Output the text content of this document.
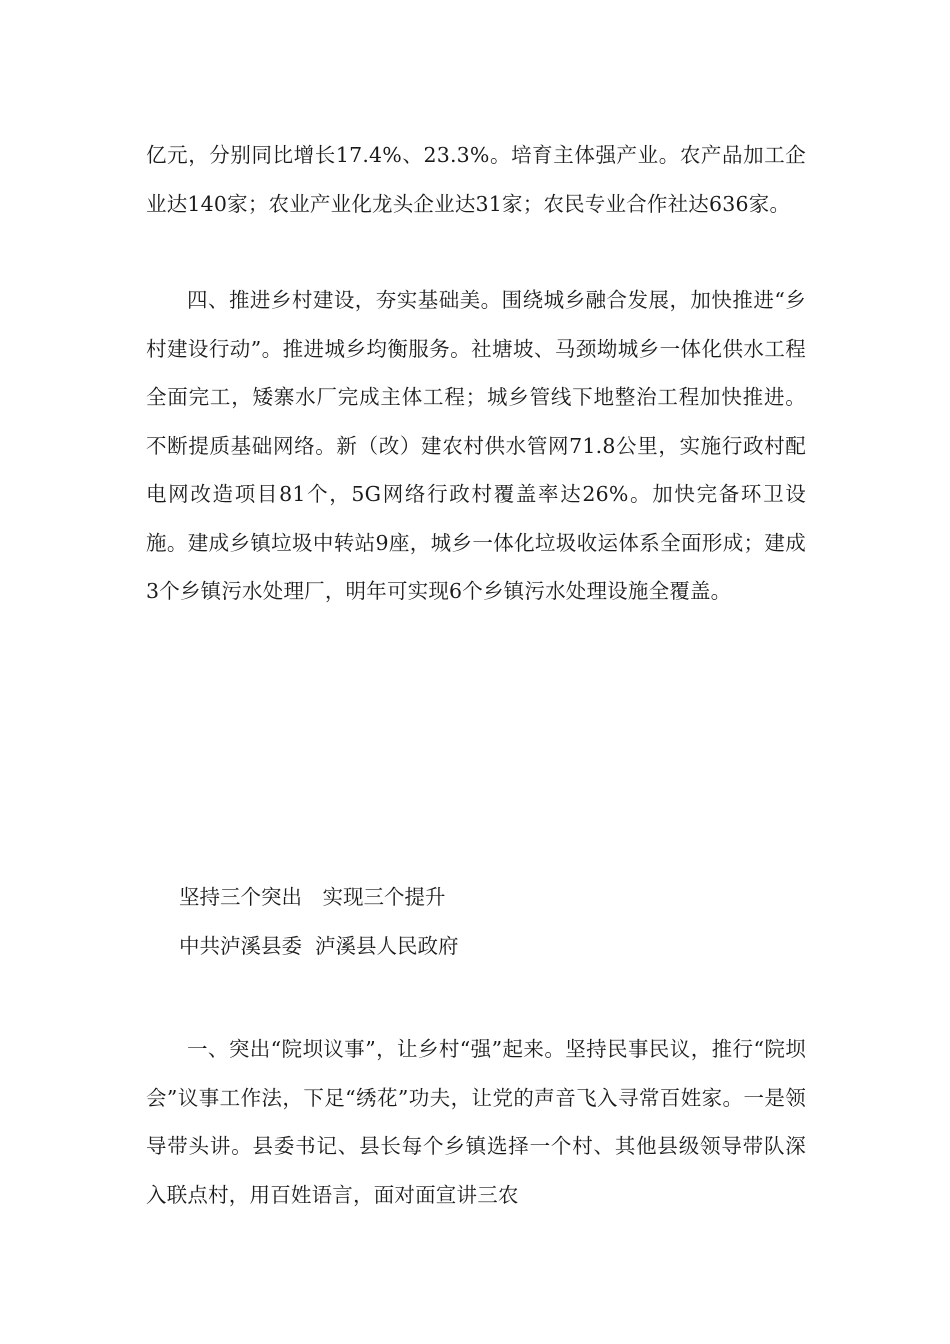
亿元，分别同比增长17.4%、23.3%。培育主体强产业。农产品加工企业达140家；农业产业化龙头企业达31家；农民专业合作社达636家。

四、推进乡村建设，夯实基础美。围绕城乡融合发展，加快推进“乡村建设行动”。推进城乡均衡服务。社塘坡、马颈坳城乡一体化供水工程全面完工，矮寨水厂完成主体工程；城乡管线下地整治工程加快推进。不断提质基础网络。新（改）建农村供水管网71.8公里，实施行政村配电网改造项目81个，5G网络行政村覆盖率达26%。加快完备环卫设施。建成乡镇垃圾中转站9座，城乡一体化垃圾收运体系全面形成；建成3个乡镇污水处理厂，明年可实现6个乡镇污水处理设施全覆盖。

坚持三个突出　实现三个提升
中共泸溪县委  泸溪县人民政府

一、突出“院坝议事”，让乡村“强”起来。坚持民事民议，推行“院坝会”议事工作法，下足“绣花”功夫，让党的声音飞入寻常百姓家。一是领导带头讲。县委书记、县长每个乡镇选择一个村、其他县级领导带队深入联点村，用百姓语言，面对面宣讲三农
